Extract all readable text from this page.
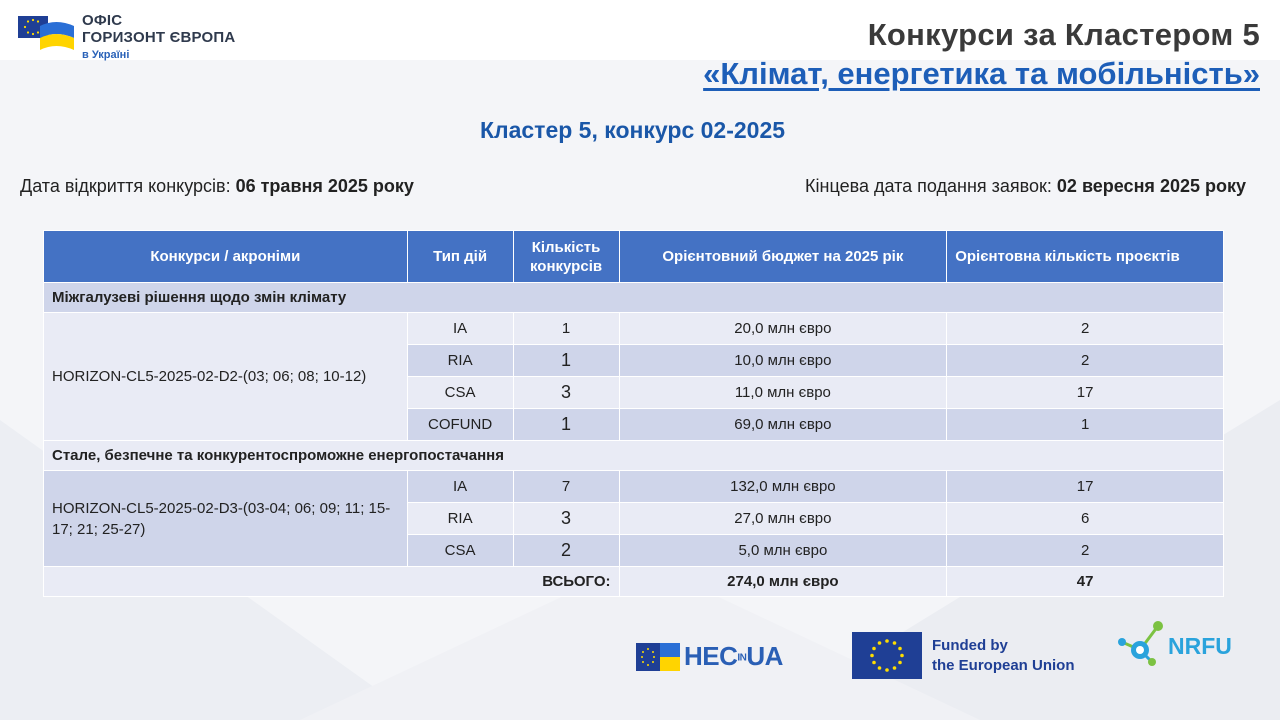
ОФІС
ГОРИЗОНТ ЄВРОПА
в Україні
Конкурси за Кластером 5
«Клімат, енергетика та мобільність»
Кластер 5, конкурс 02-2025
Дата відкриття конкурсів: 06 травня 2025 року	Кінцева дата подання заявок: 02 вересня 2025 року
Конкурси / акроніми	Тип дій	Кількість конкурсів	Орієнтовний бюджет на 2025 рік	Орієнтовна кількість проєктів
Міжгалузеві рішення щодо змін клімату				
HORIZON-CL5-2025-02-D2-(03; 06; 08; 10-12)	IA	1	20,0 млн євро	2
	RIA	1	10,0 млн євро	2
	CSA	3	11,0 млн євро	17
	COFUND	1	69,0 млн євро	1
Стале, безпечне та конкурентоспроможне енергопостачання				
HORIZON-CL5-2025-02-D3-(03-04; 06; 09; 11; 15-17; 21; 25-27)	IA	7	132,0 млн євро	17
	RIA	3	27,0 млн євро	6
	CSA	2	5,0 млн євро	2
ВСЬОГО:			274,0 млн євро	47
HECINUA	Funded by
the European Union
NRFU
